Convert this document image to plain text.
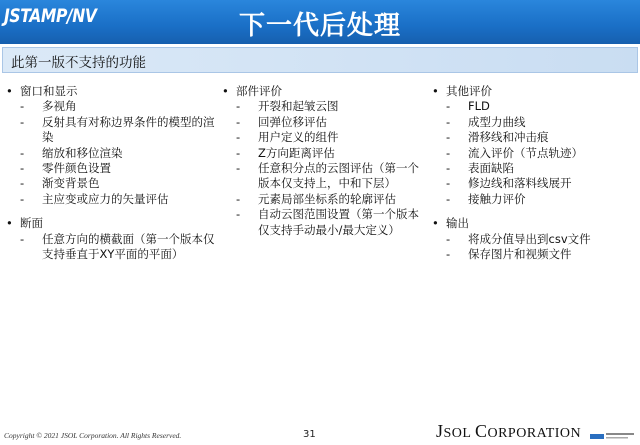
JSTAMP/NV	下一代后处理
此第一版不支持的功能
• 窗口和显示
-	多视角
-	反射具有对称边界条件的模型的渲染
-	缩放和移位渲染
-	零件颜色设置
-	渐变背景色
-	主应变或应力的矢量评估
• 断面
-	任意方向的横截面（第一个版本仅支持垂直于XY平面的平面）
• 部件评价
-	开裂和起皱云图
-	回弹位移评估
-	用户定义的组件
-	Z方向距离评估
-	任意积分点的云图评估（第一个版本仅支持上，中和下层）
-	元素局部坐标系的轮廓评估
-	自动云图范围设置（第一个版本仅支持手动最小/最大定义）
• 其他评价
-	FLD
-	成型力曲线
-	滑移线和冲击痕
-	流入评价（节点轨迹）
-	表面缺陷
-	修边线和落料线展开
-	接触力评价
• 输出
-	将成分值导出到csv文件
-	保存图片和视频文件
Copyright © 2021 JSOL Corporation. All Rights Reserved.	31	JSOL CORPORATION
